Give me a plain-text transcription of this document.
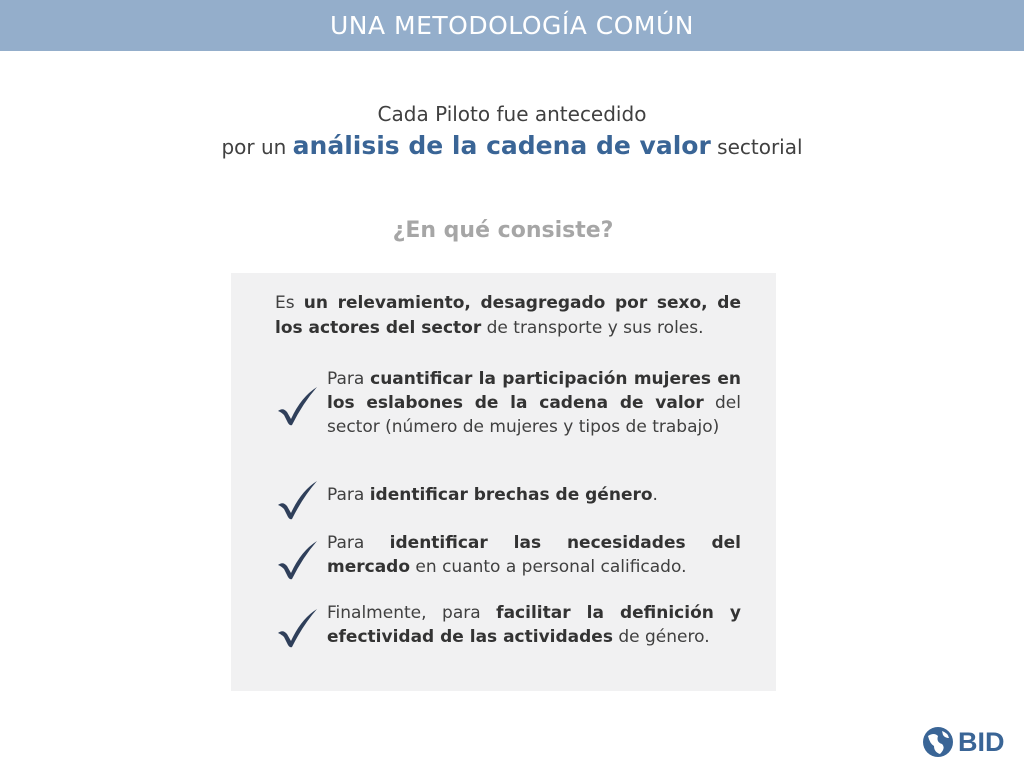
UNA METODOLOGÍA COMÚN
Cada Piloto fue antecedido
por un análisis de la cadena de valor sectorial
¿En qué consiste?
Es un relevamiento, desagregado por sexo, de los actores del sector de transporte y sus roles.
Para cuantificar la participación mujeres en los eslabones de la cadena de valor del sector (número de mujeres y tipos de trabajo)
Para identificar brechas de género.
Para identificar las necesidades del mercado en cuanto a personal calificado.
Finalmente, para facilitar la definición y efectividad de las actividades de género.
BID
